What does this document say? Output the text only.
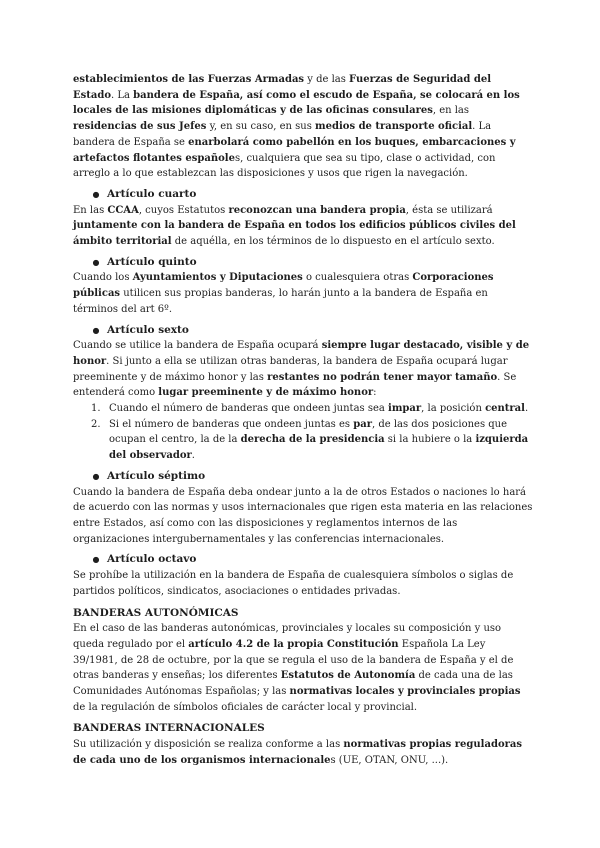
establecimientos de las Fuerzas Armadas y de las Fuerzas de Seguridad del Estado. La bandera de España, así como el escudo de España, se colocará en los locales de las misiones diplomáticas y de las oficinas consulares, en las residencias de sus Jefes y, en su caso, en sus medios de transporte oficial. La bandera de España se enarbolará como pabellón en los buques, embarcaciones y artefactos flotantes españoles, cualquiera que sea su tipo, clase o actividad, con arreglo a lo que establezcan las disposiciones y usos que rigen la navegación.

● Artículo cuarto

En las CCAA, cuyos Estatutos reconozcan una bandera propia, ésta se utilizará juntamente con la bandera de España en todos los edificios públicos civiles del ámbito territorial de aquélla, en los términos de lo dispuesto en el artículo sexto.

● Artículo quinto

Cuando los Ayuntamientos y Diputaciones o cualesquiera otras Corporaciones públicas utilicen sus propias banderas, lo harán junto a la bandera de España en términos del art 6º.

● Artículo sexto

Cuando se utilice la bandera de España ocupará siempre lugar destacado, visible y de honor. Si junto a ella se utilizan otras banderas, la bandera de España ocupará lugar preeminente y de máximo honor y las restantes no podrán tener mayor tamaño. Se entenderá como lugar preeminente y de máximo honor:

1. Cuando el número de banderas que ondeen juntas sea impar, la posición central.
2. Si el número de banderas que ondeen juntas es par, de las dos posiciones que ocupan el centro, la de la derecha de la presidencia si la hubiere o la izquierda del observador.
● Artículo séptimo

Cuando la bandera de España deba ondear junto a la de otros Estados o naciones lo hará de acuerdo con las normas y usos internacionales que rigen esta materia en las relaciones entre Estados, así como con las disposiciones y reglamentos internos de las organizaciones intergubernamentales y las conferencias internacionales.

● Artículo octavo

Se prohíbe la utilización en la bandera de España de cualesquiera símbolos o siglas de partidos políticos, sindicatos, asociaciones o entidades privadas.

BANDERAS AUTONÓMICAS

En el caso de las banderas autonómicas, provinciales y locales su composición y uso queda regulado por el artículo 4.2 de la propia Constitución Española La Ley 39/1981, de 28 de octubre, por la que se regula el uso de la bandera de España y el de otras banderas y enseñas; los diferentes Estatutos de Autonomía de cada una de las Comunidades Autónomas Españolas; y las normativas locales y provinciales propias de la regulación de símbolos oficiales de carácter local y provincial.

BANDERAS INTERNACIONALES

Su utilización y disposición se realiza conforme a las normativas propias reguladoras de cada uno de los organismos internacionales (UE, OTAN, ONU, ...).
